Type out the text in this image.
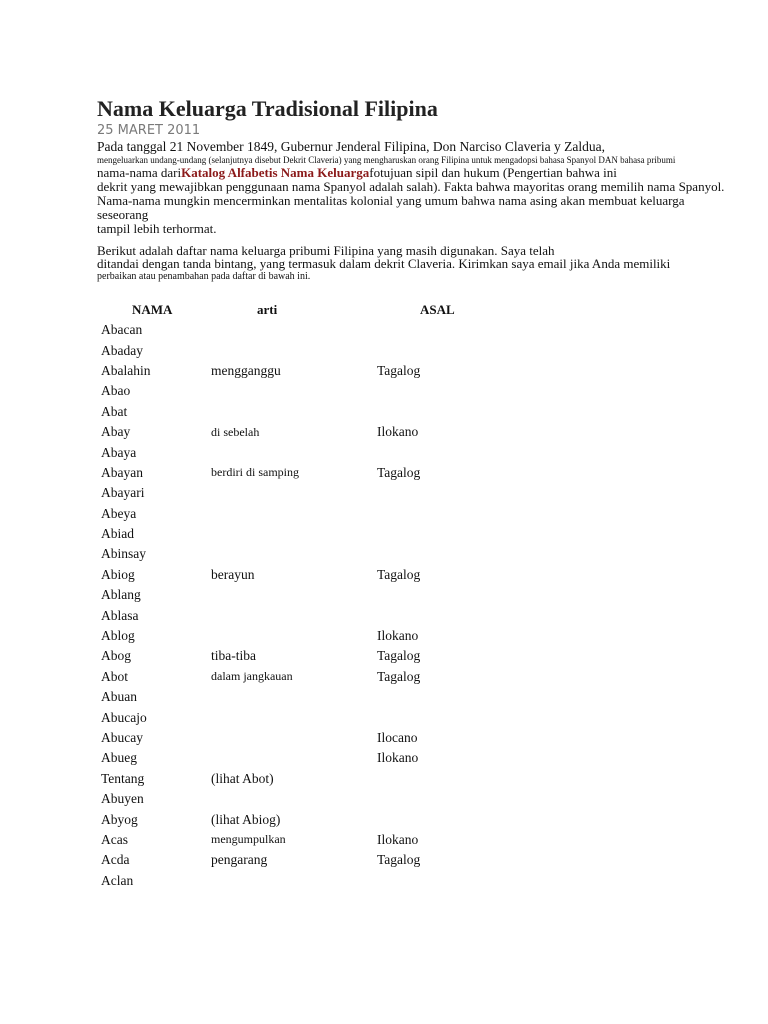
Nama Keluarga Tradisional Filipina
25 MARET 2011
Pada tanggal 21 November 1849, Gubernur Jenderal Filipina, Don Narciso Claveria y Zaldua,
mengeluarkan undang-undang (selanjutnya disebut Dekrit Claveria) yang mengharuskan orang Filipina untuk mengadopsi bahasa Spanyol DAN bahasa pribumi
nama-nama dariKatalog Alfabetis Nama Keluargafotujuan sipil dan hukum (Pengertian bahwa ini
dekrit yang mewajibkan penggunaan nama Spanyol adalah salah). Fakta bahwa mayoritas orang memilih nama Spanyol.
Nama-nama mungkin mencerminkan mentalitas kolonial yang umum bahwa nama asing akan membuat keluarga seseorang
tampil lebih terhormat.
Berikut adalah daftar nama keluarga pribumi Filipina yang masih digunakan. Saya telah
ditandai dengan tanda bintang, yang termasuk dalam dekrit Claveria. Kirimkan saya email jika Anda memiliki
perbaikan atau penambahan pada daftar di bawah ini.
NAMA	arti	ASAL
Abacan		
Abaday		
Abalahin	mengganggu	Tagalog
Abao		
Abat		
Abay	di sebelah	Ilokano
Abaya		
Abayan	berdiri di samping	Tagalog
Abayari		
Abeya		
Abiad		
Abinsay		
Abiog	berayun	Tagalog
Ablang		
Ablasa		
Ablog		Ilokano
Abog	tiba-tiba	Tagalog
Abot	dalam jangkauan	Tagalog
Abuan		
Abucajo		
Abucay		Ilocano
Abueg		Ilokano
Tentang	(lihat Abot)	
Abuyen		
Abyog	(lihat Abiog)	
Acas	mengumpulkan	Ilokano
Acda	pengarang	Tagalog
Aclan		
